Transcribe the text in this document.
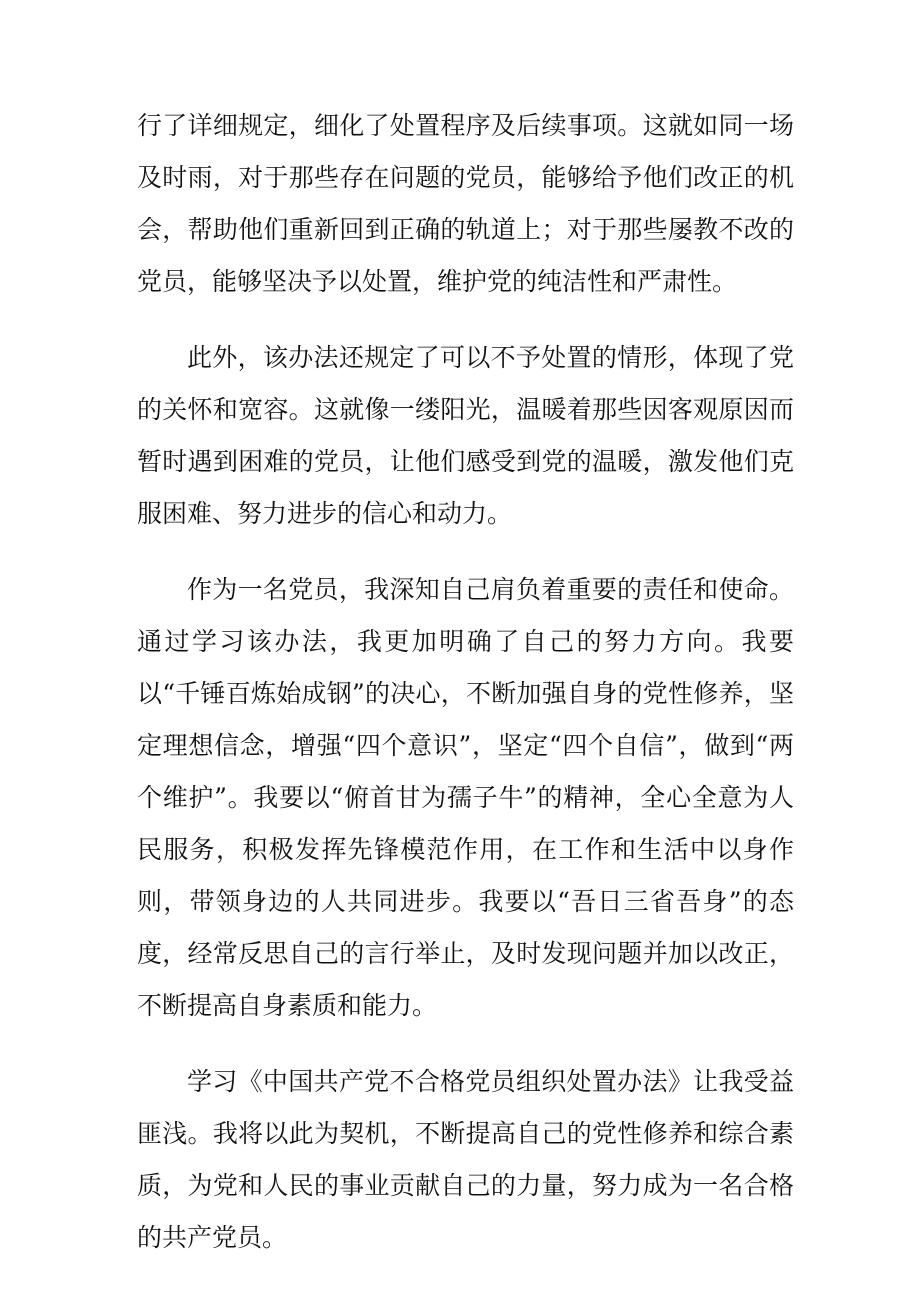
行了详细规定，细化了处置程序及后续事项。这就如同一场及时雨，对于那些存在问题的党员，能够给予他们改正的机会，帮助他们重新回到正确的轨道上；对于那些屡教不改的党员，能够坚决予以处置，维护党的纯洁性和严肃性。

此外，该办法还规定了可以不予处置的情形，体现了党的关怀和宽容。这就像一缕阳光，温暖着那些因客观原因而暂时遇到困难的党员，让他们感受到党的温暖，激发他们克服困难、努力进步的信心和动力。

作为一名党员，我深知自己肩负着重要的责任和使命。通过学习该办法，我更加明确了自己的努力方向。我要以“千锤百炼始成钢”的决心，不断加强自身的党性修养，坚定理想信念，增强“四个意识”，坚定“四个自信”，做到“两个维护”。我要以“俯首甘为孺子牛”的精神，全心全意为人民服务，积极发挥先锋模范作用，在工作和生活中以身作则，带领身边的人共同进步。我要以“吾日三省吾身”的态度，经常反思自己的言行举止，及时发现问题并加以改正，不断提高自身素质和能力。

学习《中国共产党不合格党员组织处置办法》让我受益匪浅。我将以此为契机，不断提高自己的党性修养和综合素质，为党和人民的事业贡献自己的力量，努力成为一名合格的共产党员。
